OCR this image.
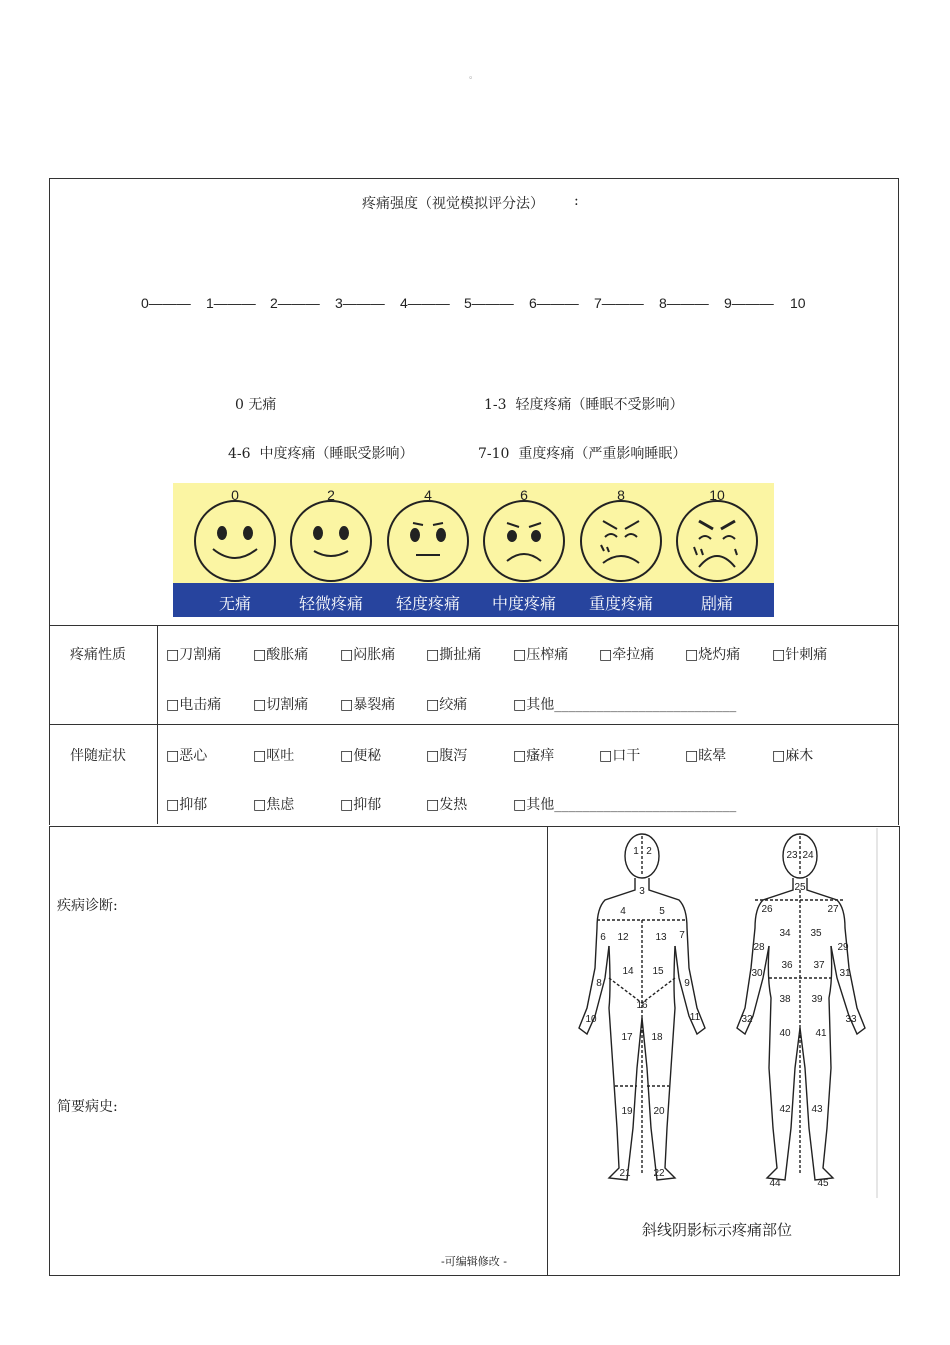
。
疼痛强度（视觉模拟评分法） :
0——— 1——— 2——— 3——— 4——— 5——— 6——— 7——— 8——— 9——— 10
0 无痛	1-3  轻度疼痛（睡眠不受影响）
4-6  中度疼痛（睡眠受影响）	7-10  重度疼痛（严重影响睡眠）
0	2	4	6	8	10
无痛	轻微疼痛	轻度疼痛	中度疼痛	重度疼痛	剧痛
疼痛性质	□刀割痛 □酸胀痛 □闷胀痛 □撕扯痛 □压榨痛 □牵拉痛 □烧灼痛 □针刺痛
□电击痛 □切割痛 □暴裂痛 □绞痛	□其他__________________________
伴随症状	□恶心	□呕吐	□便秘	□腹泻	□瘙痒	□口干	□眩晕	□麻木
□抑郁	□焦虑	□抑郁	□发热	□其他__________________________
疾病诊断:
简要病史:
-可编辑修改 -
1 2
3
4	5
6	7
8	9
10	11
12	13
14 15
16
17 18
19 20
21 22
23 24
25
26	27
28	29
30	31
32	33
34 35
36 37
38 39
40 41
42 43
44	45
斜线阴影标示疼痛部位
